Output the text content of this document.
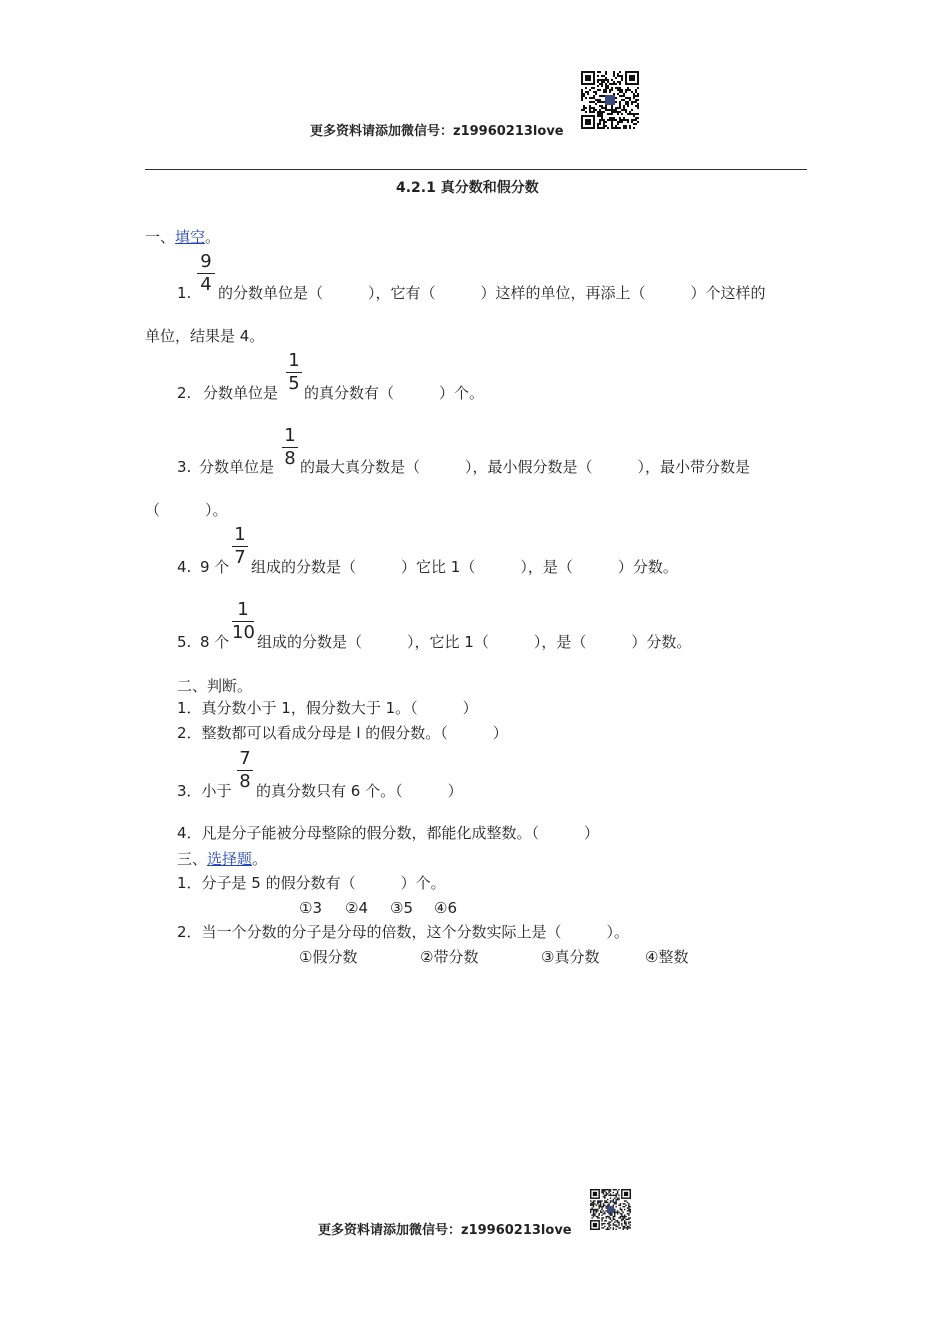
更多资料请添加微信号：z19960213love
4.2.1 真分数和假分数
一、填空。
1.
9
4 的分数单位是（　　　），它有（　　　）这样的单位，再添上（　　　）个这样的
单位，结果是 4。
2. 分数单位是
1
5 的真分数有（　　　）个。
3. 分数单位是
1
8 的最大真分数是（　　　），最小假分数是（　　　），最小带分数是
（　　　）。
4. 9 个
1
7 组成的分数是（　　　）它比 1（　　　），是（　　　）分数。
5. 8 个
1
10 组成的分数是（　　　），它比 1（　　　），是（　　　）分数。
二、判断。
1．真分数小于 1，假分数大于 1。（　　　）
2．整数都可以看成分母是 l 的假分数。（　　　）
3．小于
7
8 的真分数只有 6 个。（　　　）
4．凡是分子能被分母整除的假分数，都能化成整数。（　　　）
三、选择题。
1．分子是 5 的假分数有（　　　）个。
①3 ②4 ③5 ④6
2．当一个分数的分子是分母的倍数，这个分数实际上是（　　　）。
①假分数	②带分数	③真分数	④整数
更多资料请添加微信号：z19960213love
